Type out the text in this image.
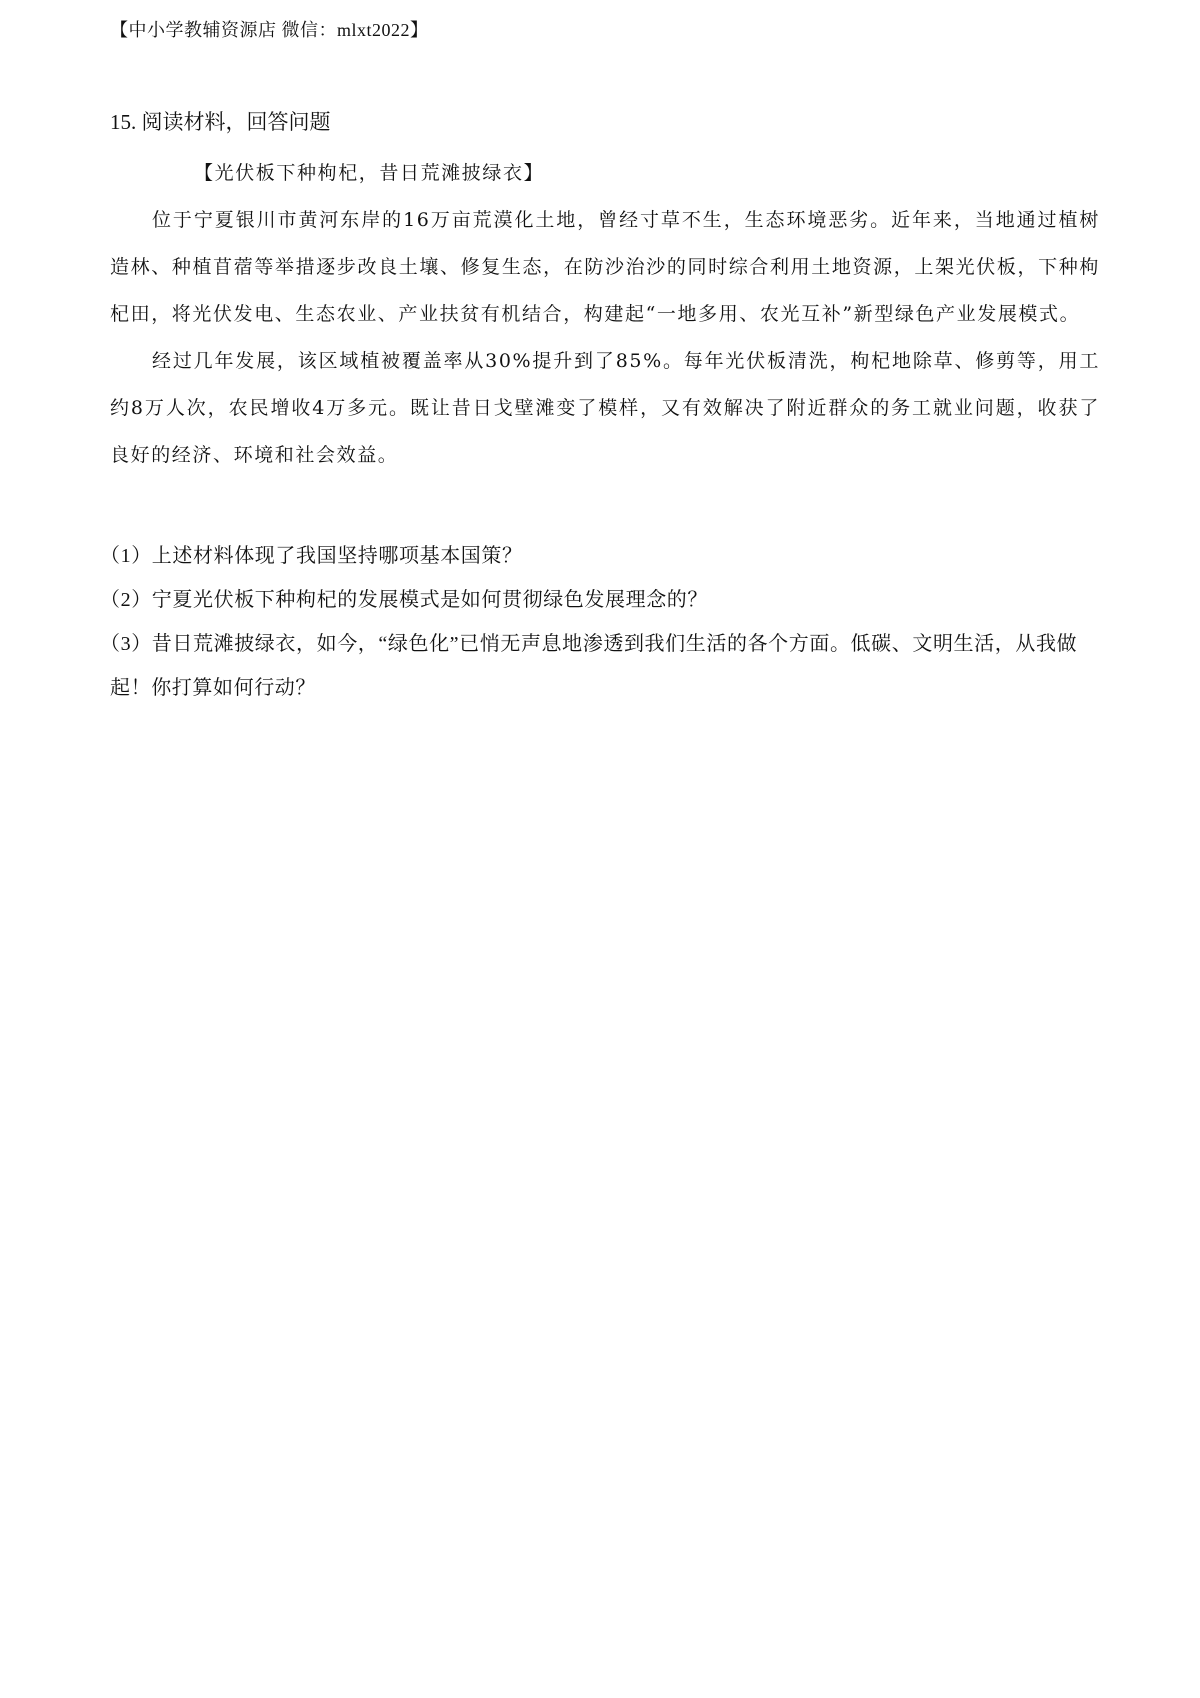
【中小学教辅资源店 微信：mlxt2022】
15. 阅读材料，回答问题

【光伏板下种枸杞，昔日荒滩披绿衣】

位于宁夏银川市黄河东岸的16万亩荒漠化土地，曾经寸草不生，生态环境恶劣。近年来，当地通过植树造林、种植苜蓿等举措逐步改良土壤、修复生态，在防沙治沙的同时综合利用土地资源，上架光伏板，下种枸杞田，将光伏发电、生态农业、产业扶贫有机结合，构建起“一地多用、农光互补”新型绿色产业发展模式。

经过几年发展，该区域植被覆盖率从30%提升到了85%。每年光伏板清洗，枸杞地除草、修剪等，用工约8万人次，农民增收4万多元。既让昔日戈壁滩变了模样，又有效解决了附近群众的务工就业问题，收获了良好的经济、环境和社会效益。

（1）上述材料体现了我国坚持哪项基本国策？

（2）宁夏光伏板下种枸杞的发展模式是如何贯彻绿色发展理念的？

（3）昔日荒滩披绿衣，如今，“绿色化”已悄无声息地渗透到我们生活的各个方面。低碳、文明生活，从我做起！你打算如何行动？
